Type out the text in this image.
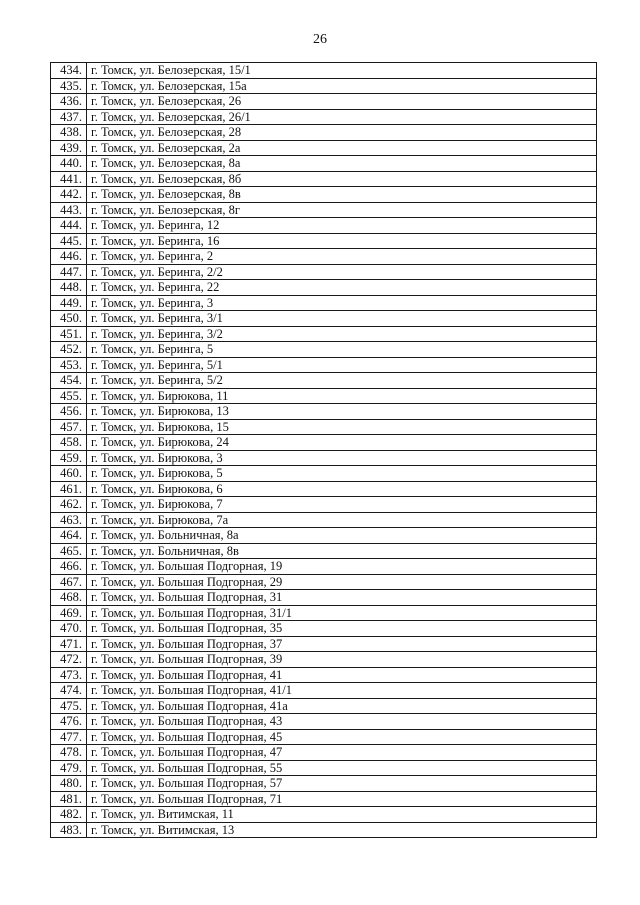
26
434.	г. Томск, ул. Белозерская, 15/1
435.	г. Томск, ул. Белозерская, 15а
436.	г. Томск, ул. Белозерская, 26
437.	г. Томск, ул. Белозерская, 26/1
438.	г. Томск, ул. Белозерская, 28
439.	г. Томск, ул. Белозерская, 2а
440.	г. Томск, ул. Белозерская, 8а
441.	г. Томск, ул. Белозерская, 8б
442.	г. Томск, ул. Белозерская, 8в
443.	г. Томск, ул. Белозерская, 8г
444.	г. Томск, ул. Беринга, 12
445.	г. Томск, ул. Беринга, 16
446.	г. Томск, ул. Беринга, 2
447.	г. Томск, ул. Беринга, 2/2
448.	г. Томск, ул. Беринга, 22
449.	г. Томск, ул. Беринга, 3
450.	г. Томск, ул. Беринга, 3/1
451.	г. Томск, ул. Беринга, 3/2
452.	г. Томск, ул. Беринга, 5
453.	г. Томск, ул. Беринга, 5/1
454.	г. Томск, ул. Беринга, 5/2
455.	г. Томск, ул. Бирюкова, 11
456.	г. Томск, ул. Бирюкова, 13
457.	г. Томск, ул. Бирюкова, 15
458.	г. Томск, ул. Бирюкова, 24
459.	г. Томск, ул. Бирюкова, 3
460.	г. Томск, ул. Бирюкова, 5
461.	г. Томск, ул. Бирюкова, 6
462.	г. Томск, ул. Бирюкова, 7
463.	г. Томск, ул. Бирюкова, 7а
464.	г. Томск, ул. Больничная, 8а
465.	г. Томск, ул. Больничная, 8в
466.	г. Томск, ул. Большая Подгорная, 19
467.	г. Томск, ул. Большая Подгорная, 29
468.	г. Томск, ул. Большая Подгорная, 31
469.	г. Томск, ул. Большая Подгорная, 31/1
470.	г. Томск, ул. Большая Подгорная, 35
471.	г. Томск, ул. Большая Подгорная, 37
472.	г. Томск, ул. Большая Подгорная, 39
473.	г. Томск, ул. Большая Подгорная, 41
474.	г. Томск, ул. Большая Подгорная, 41/1
475.	г. Томск, ул. Большая Подгорная, 41а
476.	г. Томск, ул. Большая Подгорная, 43
477.	г. Томск, ул. Большая Подгорная, 45
478.	г. Томск, ул. Большая Подгорная, 47
479.	г. Томск, ул. Большая Подгорная, 55
480.	г. Томск, ул. Большая Подгорная, 57
481.	г. Томск, ул. Большая Подгорная, 71
482.	г. Томск, ул. Витимская, 11
483.	г. Томск, ул. Витимская, 13
